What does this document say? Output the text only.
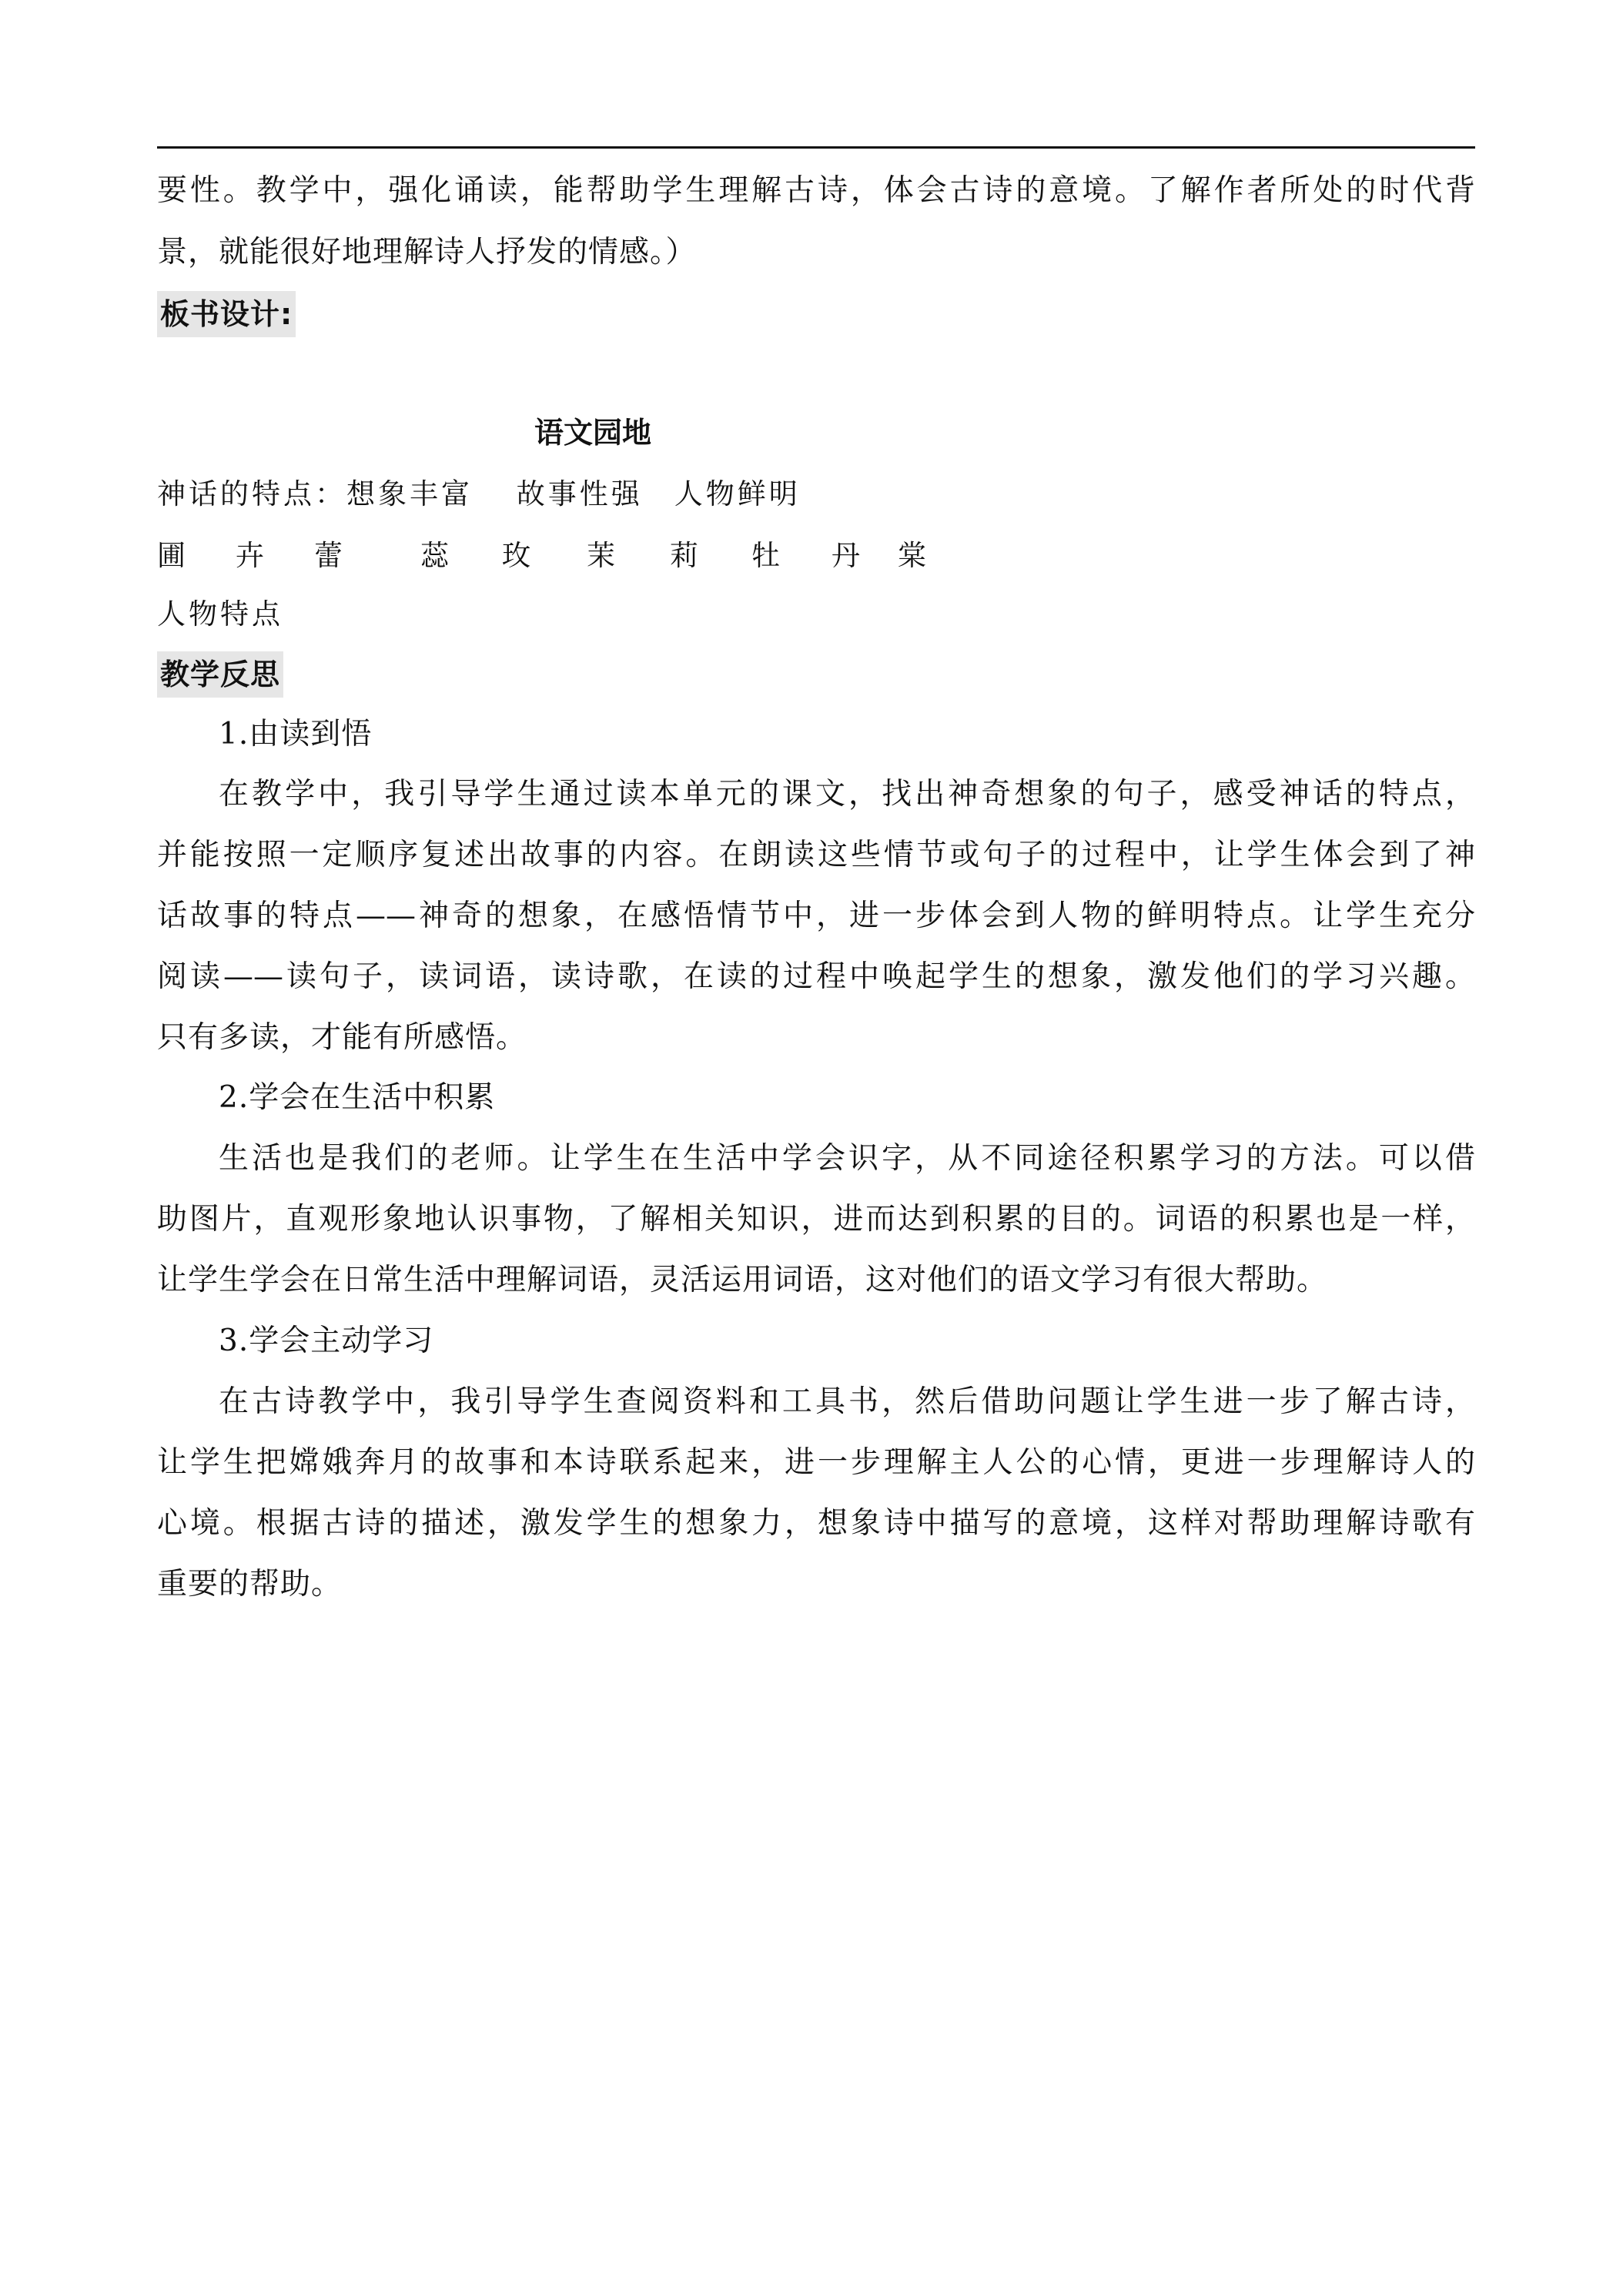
要性。教学中，强化诵读，能帮助学生理解古诗，体会古诗的意境。了解作者所处的时代背
景，就能很好地理解诗人抒发的情感。）
板书设计:
语文园地
神话的特点：想象丰富　 故事性强　人物鲜明
圃 卉 蕾	蕊 玫 茉 莉 牡 丹 棠
人物特点
教学反思
1.由读到悟
在教学中，我引导学生通过读本单元的课文，找出神奇想象的句子，感受神话的特点，
并能按照一定顺序复述出故事的内容。在朗读这些情节或句子的过程中，让学生体会到了神
话故事的特点——神奇的想象，在感悟情节中，进一步体会到人物的鲜明特点。让学生充分
阅读——读句子，读词语，读诗歌，在读的过程中唤起学生的想象，激发他们的学习兴趣。
只有多读，才能有所感悟。
2.学会在生活中积累
生活也是我们的老师。让学生在生活中学会识字，从不同途径积累学习的方法。可以借
助图片，直观形象地认识事物，了解相关知识，进而达到积累的目的。词语的积累也是一样，
让学生学会在日常生活中理解词语，灵活运用词语，这对他们的语文学习有很大帮助。
3.学会主动学习
在古诗教学中，我引导学生查阅资料和工具书，然后借助问题让学生进一步了解古诗，
让学生把嫦娥奔月的故事和本诗联系起来，进一步理解主人公的心情，更进一步理解诗人的
心境。根据古诗的描述，激发学生的想象力，想象诗中描写的意境，这样对帮助理解诗歌有
重要的帮助。
